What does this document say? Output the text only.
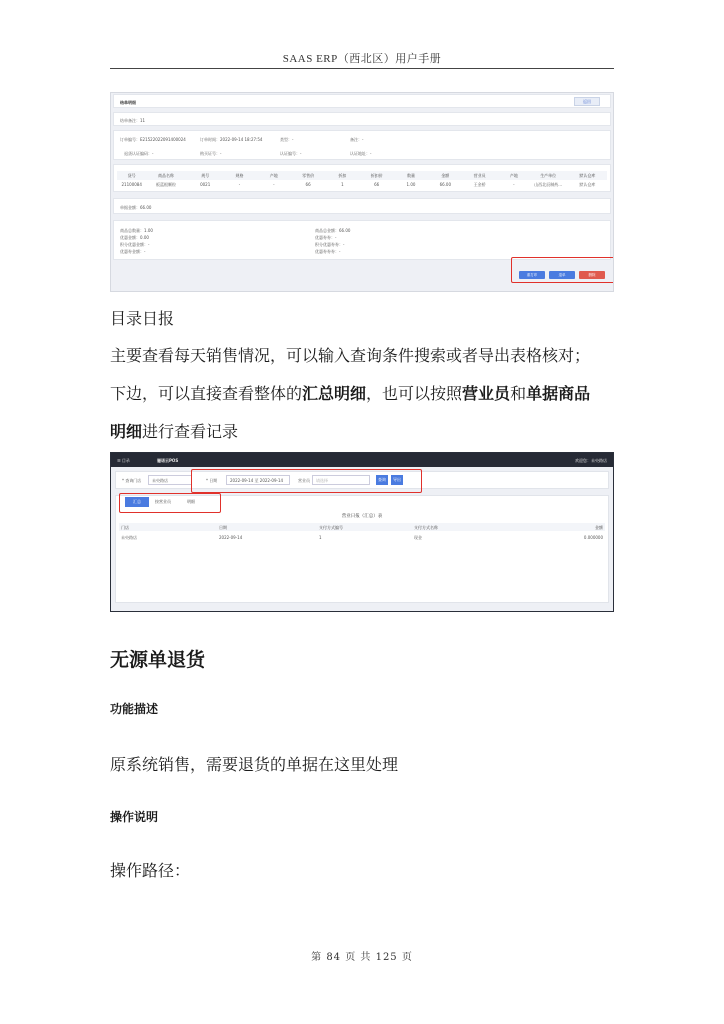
SAAS ERP（西北区）用户手册
结单明细	返回
结单备注：11
订单编号：E21522022091400024	订单时间：2022-09-14 18:27:54	类型：-	备注：-
退货认证编码：-	购买证号：-	认证编号：-	认证地址：-
货号	商品名称	规号	规格	产地	零售价	折扣	折扣价	数量	金额	营业员	产地	生产单位	默认仓库
21100084	板蓝根颗粒	0021	-	-	66	1	66	1.00	66.00	王金桥	-	山西北辰制药...	默认仓库
单据金额：66.00
商品总数量：1.00	商品总金额：66.00
优惠金额：0.00	优惠券券：-
积分优惠金额：-	积分优惠券券：-
优惠券金额：-	优惠券券券：-
重打印	退单	删除
目录日报
主要查看每天销售情况，可以输入查询条件搜索或者导出表格核对；
下边，可以直接查看整体的汇总明细，也可以按照营业员和单据商品
明细进行查看记录
☰ 目录	骊诺云POS	欢迎您：未央路店
* 查询门店	未央路店	* 日期	2022-09-14 至 2022-09-14	营业员	请选择	查询	导出
汇总	按营业员	明细
营业日报（汇总）表
门店	日期	支付方式编号	支付方式名称	金额
未央路店	2022-09-14	1	现金	0.000000
无源单退货
功能描述
原系统销售，需要退货的单据在这里处理
操作说明
操作路径：
第 84 页 共 125 页
